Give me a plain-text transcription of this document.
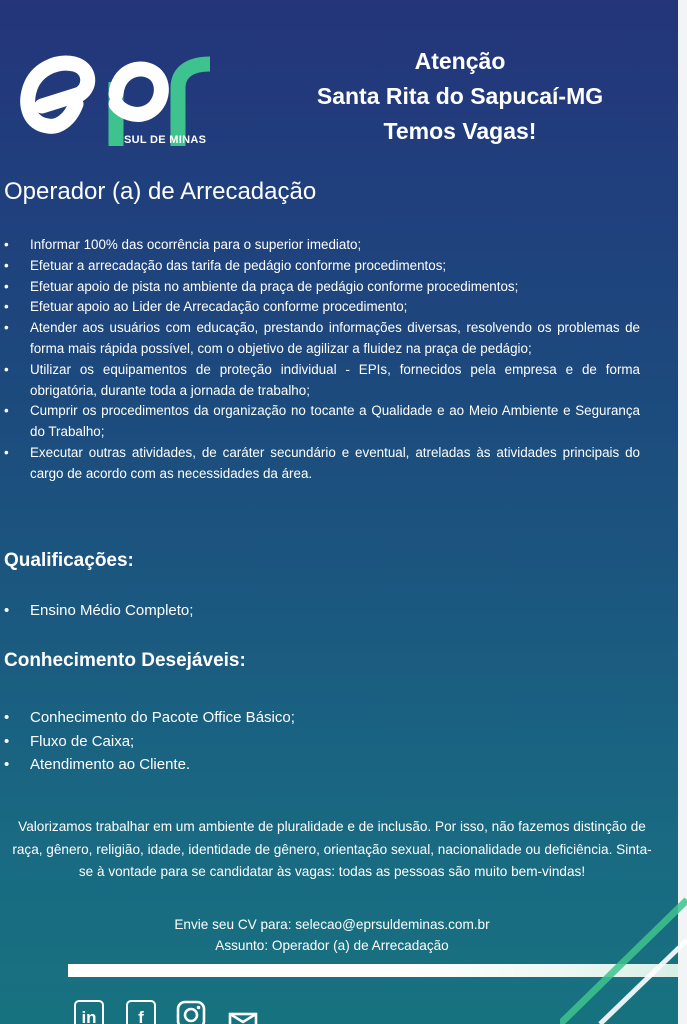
SUL DE MINAS
Atenção
Santa Rita do Sapucaí-MG
Temos Vagas!
Operador (a) de Arrecadação
• Informar 100% das ocorrência para o superior imediato;
• Efetuar a arrecadação das tarifa de pedágio conforme procedimentos;
• Efetuar apoio de pista no ambiente da praça de pedágio conforme procedimentos;
• Efetuar apoio ao Lider de Arrecadação conforme procedimento;
• Atender aos usuários com educação, prestando informações diversas, resolvendo os problemas de forma mais rápida possível, com o objetivo de agilizar a fluidez na praça de pedágio;
• Utilizar os equipamentos de proteção individual - EPIs, fornecidos pela empresa e de forma obrigatória, durante toda a jornada de trabalho;
• Cumprir os procedimentos da organização no tocante a Qualidade e ao Meio Ambiente e Segurança do Trabalho;
• Executar outras atividades, de caráter secundário e eventual, atreladas às atividades principais do cargo de acordo com as necessidades da área.
Qualificações:
• Ensino Médio Completo;
Conhecimento Desejáveis:
• Conhecimento do Pacote Office Básico;
• Fluxo de Caixa;
• Atendimento ao Cliente.
Valorizamos trabalhar em um ambiente de pluralidade e de inclusão. Por isso, não fazemos distinção de raça, gênero, religião, idade, identidade de gênero, orientação sexual, nacionalidade ou deficiência. Sinta-se à vontade para se candidatar às vagas: todas as pessoas são muito bem-vindas!
Envie seu CV para: selecao@eprsuldeminas.com.br
Assunto: Operador (a) de Arrecadação
in	f
